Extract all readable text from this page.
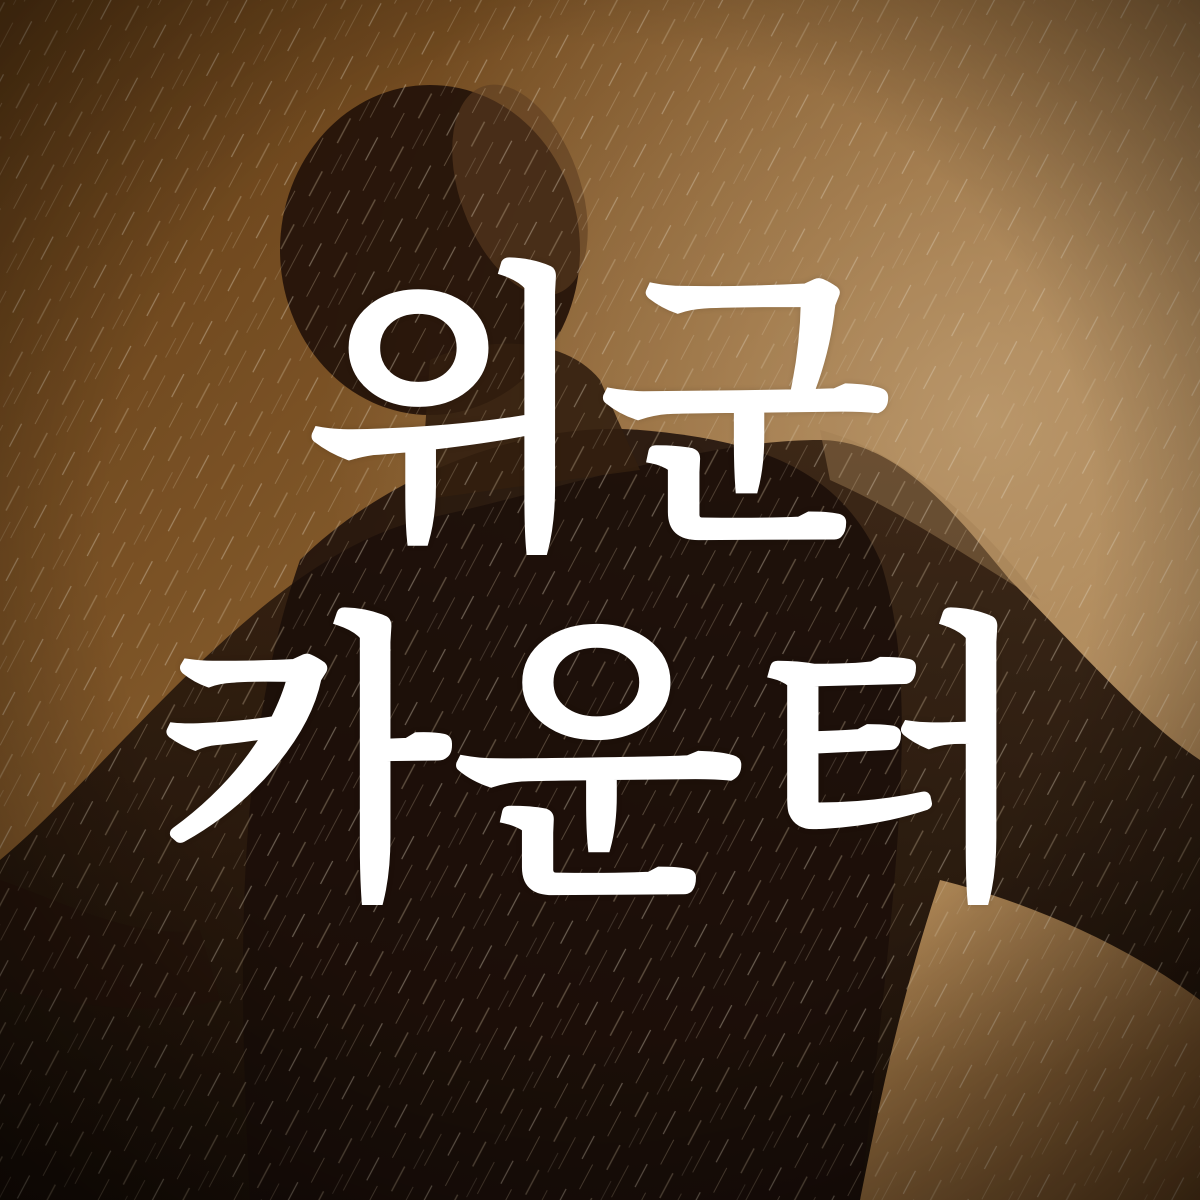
위군
카운터
